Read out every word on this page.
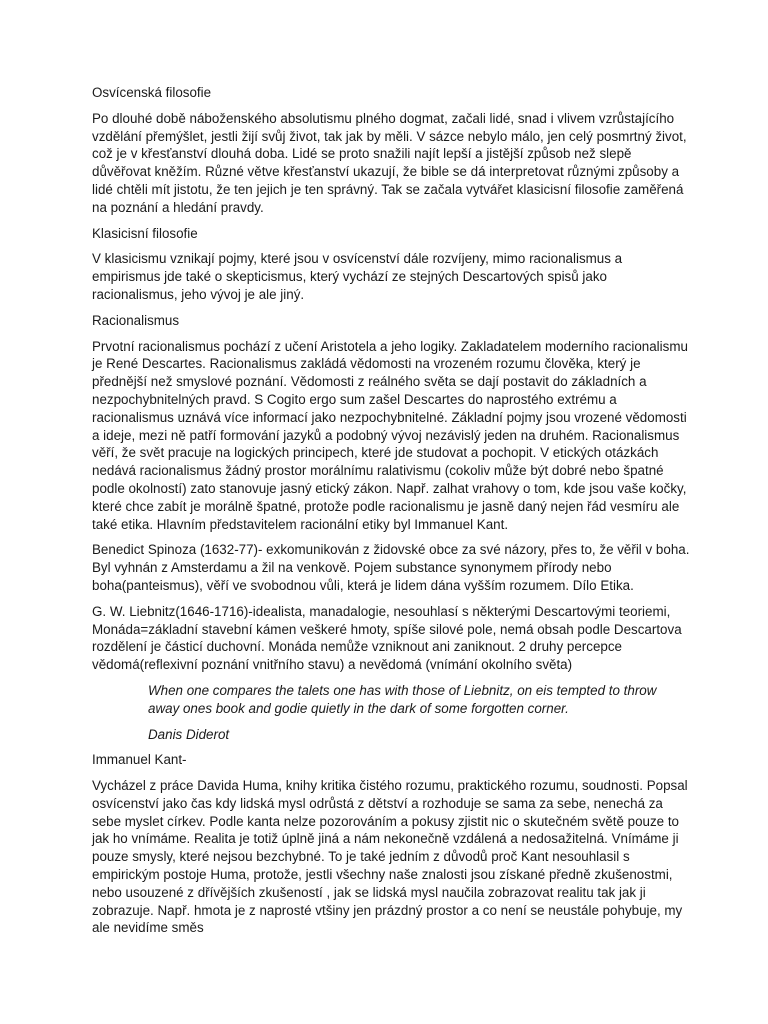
Osvícenská filosofie

Po dlouhé době náboženského absolutismu plného dogmat, začali lidé, snad i vlivem vzrůstajícího vzdělání přemýšlet, jestli žijí svůj život, tak jak by měli. V sázce nebylo málo, jen celý posmrtný život, což je v křesťanství dlouhá doba. Lidé se proto snažili najít lepší a jistější způsob než slepě důvěřovat kněžím. Různé větve křesťanství ukazují, že bible se dá interpretovat různými způsoby a lidé chtěli mít jistotu, že ten jejich je ten správný. Tak se začala vytvářet klasicisní filosofie zaměřená na poznání a hledání pravdy.

Klasicisní filosofie

V klasicismu vznikají pojmy, které jsou v osvícenství dále rozvíjeny, mimo racionalismus a empirismus jde také o skepticismus, který vychází ze stejných Descartových spisů jako racionalismus, jeho vývoj je ale jiný.

Racionalismus

Prvotní racionalismus pochází z učení Aristotela a jeho logiky. Zakladatelem moderního racionalismu je René Descartes. Racionalismus zakládá vědomosti na vrozeném rozumu člověka, který je přednější než smyslové poznání. Vědomosti z reálného světa se dají postavit do základních a nezpochybnitelných pravd. S Cogito ergo sum zašel Descartes do naprostého extrému a racionalismus uznává více informací jako nezpochybnitelné. Základní pojmy jsou vrozené vědomosti a ideje, mezi ně patří formování jazyků a podobný vývoj nezávislý jeden na druhém. Racionalismus věří, že svět pracuje na logických principech, které jde studovat a pochopit. V etických otázkách nedává racionalismus žádný prostor morálnímu ralativismu (cokoliv může být dobré nebo špatné podle okolností) zato stanovuje jasný etický zákon. Např. zalhat vrahovy o tom, kde jsou vaše kočky, které chce zabít je morálně špatné, protože podle racionalismu je jasně daný nejen řád vesmíru ale také etika. Hlavním představitelem racionální etiky byl Immanuel Kant.

Benedict Spinoza (1632-77)- exkomunikován z židovské obce za své názory, přes to, že věřil v boha. Byl vyhnán z Amsterdamu a žil na venkově. Pojem substance synonymem přírody nebo boha(panteismus), věří ve svobodnou vůli, která je lidem dána vyšším rozumem. Dílo Etika.

G. W. Liebnitz(1646-1716)-idealista, manadalogie, nesouhlasí s některými Descartovými teoriemi, Monáda=základní stavební kámen veškeré hmoty, spíše silové pole, nemá obsah podle Descartova rozdělení je částicí duchovní. Monáda nemůže vzniknout ani zaniknout. 2 druhy percepce vědomá(reflexivní poznání vnitřního stavu) a nevědomá (vnímání okolního světa)

When one compares the talets one has with those of Liebnitz, on eis tempted to throw away ones book and godie quietly in the dark of some forgotten corner.

Danis Diderot

Immanuel Kant-

Vycházel z práce Davida Huma, knihy kritika čistého rozumu, praktického rozumu, soudnosti. Popsal osvícenství jako čas kdy lidská mysl odrůstá z dětství a rozhoduje se sama za sebe, nenechá za sebe myslet církev. Podle kanta nelze pozorováním a pokusy zjistit nic o skutečném světě pouze to jak ho vnímáme. Realita je totiž úplně jiná a nám nekonečně vzdálená a nedosažitelná. Vnímáme ji pouze smysly, které nejsou bezchybné. To je také jedním z důvodů proč Kant nesouhlasil s empirickým postoje Huma, protože, jestli všechny naše znalosti jsou získané předně zkušenostmi, nebo usouzené z dřívějších zkušeností , jak se lidská mysl naučila zobrazovat realitu tak jak ji zobrazuje. Např. hmota je z naprosté vtšiny jen prázdný prostor a co není se neustále pohybuje, my ale nevidíme směs
